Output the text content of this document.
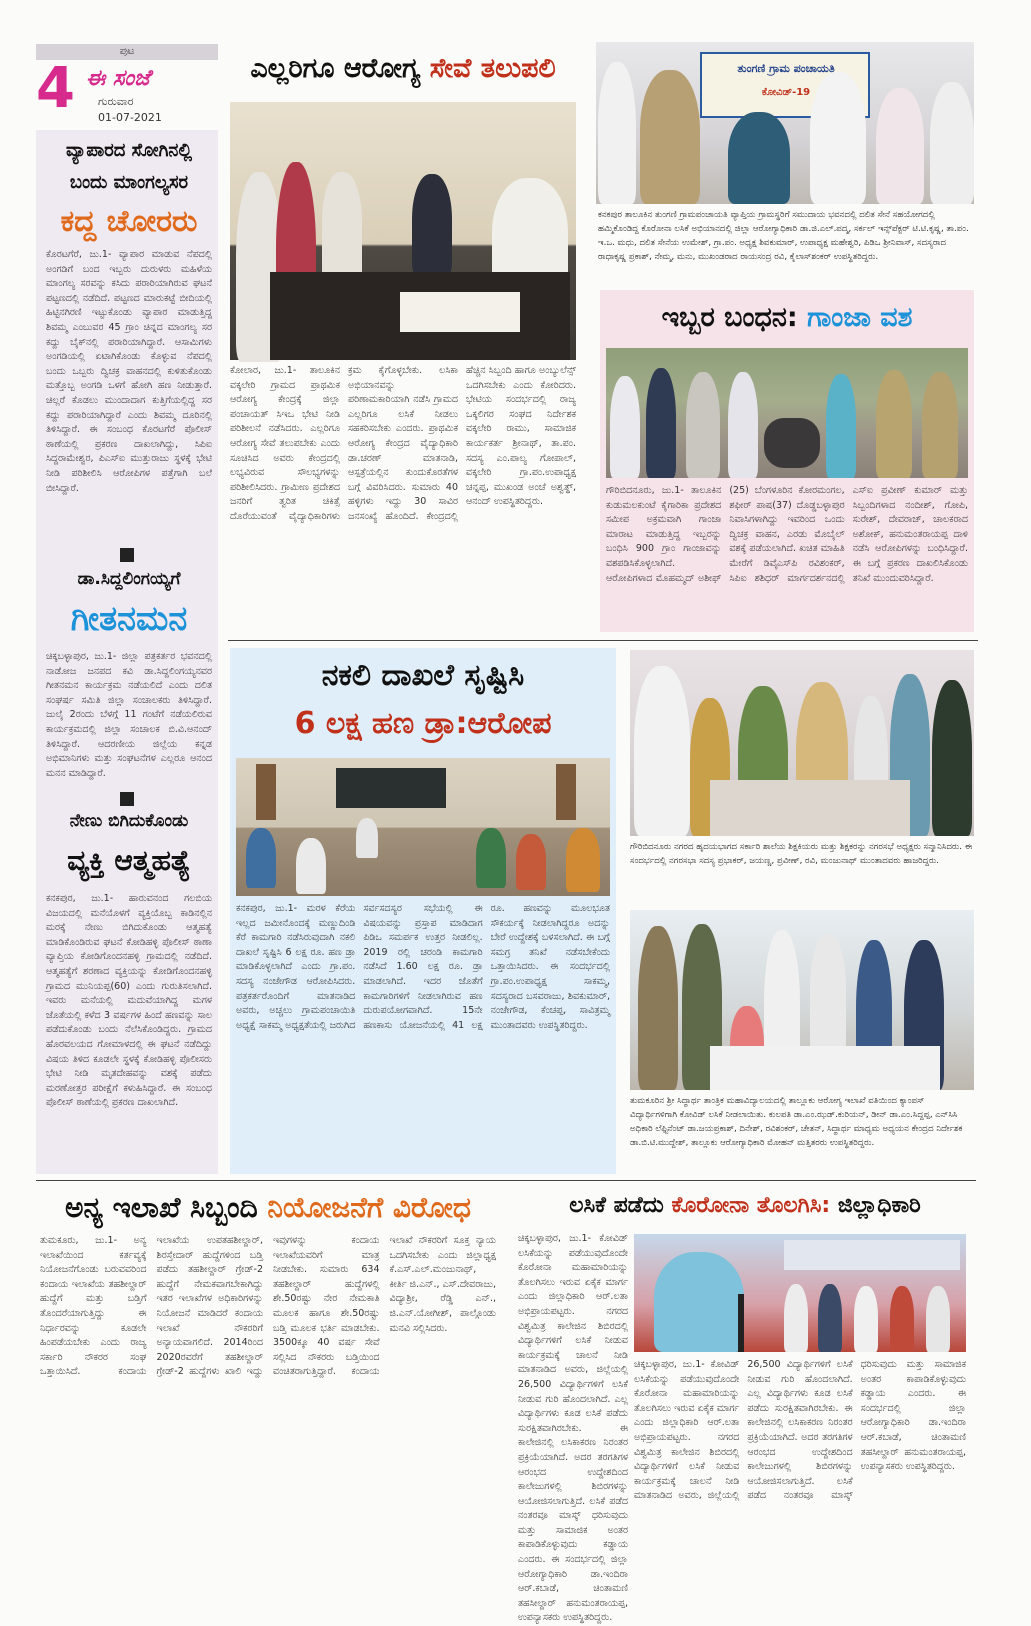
ಪುಟ
4 ಈ ಸಂಜೆ
ಗುರುವಾರ
01-07-2021
ವ್ಯಾಪಾರದ ಸೋಗಿನಲ್ಲಿ
ಬಂದು ಮಾಂಗಲ್ಯಸರ
ಕದ್ದ ಚೋರರು
ಕೊರಟಗೆರೆ, ಜು.1- ವ್ಯಾಪಾರ ಮಾಡುವ ನೆಪದಲ್ಲಿ ಅಂಗಡಿಗೆ ಬಂದ ಇಬ್ಬರು ದುರುಳರು ಮಹಿಳೆಯ ಮಾಂಗಲ್ಯ ಸರವನ್ನು ಕಸಿದು ಪರಾರಿಯಾಗಿರುವ ಘಟನೆ ಪಟ್ಟಣದಲ್ಲಿ ನಡೆದಿದೆ. ಪಟ್ಟಣದ ಮಾರುಕಟ್ಟೆ ಬೀದಿಯಲ್ಲಿ ಹಿಟ್ಟಿನಗಿರಣಿ ಇಟ್ಟುಕೊಂಡು ವ್ಯಾಪಾರ ಮಾಡುತ್ತಿದ್ದ ಶಿವಮ್ಮ ಎಂಬುವರ 45 ಗ್ರಾಂ ಚಿನ್ನದ ಮಾಂಗಲ್ಯ ಸರ ಕದ್ದು ಬೈಕ್‌ನಲ್ಲಿ ಪರಾರಿಯಾಗಿದ್ದಾರೆ. ಆಸಾಮಿಗಳು ಅಂಗಡಿಯಲ್ಲಿ ಏಟಾಗಿಕೊಂಡು ಕೊಳ್ಳುವ ನೆಪದಲ್ಲಿ ಬಂದು ಒಬ್ಬರು ದ್ವಿಚಕ್ರ ವಾಹನದಲ್ಲಿ ಕುಳಿತುಕೊಂಡು ಮತ್ತೊಬ್ಬ ಅಂಗಡಿ ಒಳಗೆ ಹೋಗಿ ಹಣ ನೀಡುತ್ತಾರೆ. ಚಿಲ್ಲರೆ ಕೊಡಲು ಮುಂದಾದಾಗ ಕುತ್ತಿಗೆಯಲ್ಲಿದ್ದ ಸರ ಕದ್ದು ಪರಾರಿಯಾಗಿದ್ದಾರೆ ಎಂದು ಶಿವಮ್ಮ ದೂರಿನಲ್ಲಿ ತಿಳಿಸಿದ್ದಾರೆ. ಈ ಸಂಬಂಧ ಕೊರಟಗೆರೆ ಪೊಲೀಸ್ ಠಾಣೆಯಲ್ಲಿ ಪ್ರಕರಣ ದಾಖಲಾಗಿದ್ದು, ಸಿಪಿಐ ಸಿದ್ದರಾಮೇಶ್ವರ, ಪಿಎಸ್‌ಐ ಮುತ್ತುರಾಜು ಸ್ಥಳಕ್ಕೆ ಭೇಟಿ ನೀಡಿ ಪರಿಶೀಲಿಸಿ ಆರೋಪಿಗಳ ಪತ್ತೆಗಾಗಿ ಬಲೆ ಬೀಸಿದ್ದಾರೆ.
ಡಾ.ಸಿದ್ದಲಿಂಗಯ್ಯಗೆ
ಗೀತನಮನ
ಚಿಕ್ಕಬಳ್ಳಾಪುರ, ಜು.1- ಜಿಲ್ಲಾ ಪತ್ರಕರ್ತರ ಭವನದಲ್ಲಿ ನಾಡೋಜ ಜನಪದ ಕವಿ ಡಾ.ಸಿದ್ದಲಿಂಗಯ್ಯನವರ ಗೀತನಮನ ಕಾರ್ಯಕ್ರಮ ನಡೆಯಲಿದೆ ಎಂದು ದಲಿತ ಸಂಘರ್ಷ ಸಮಿತಿ ಜಿಲ್ಲಾ ಸಂಚಾಲಕರು ತಿಳಿಸಿದ್ದಾರೆ. ಜುಲೈ 2ರಂದು ಬೆಳಗ್ಗೆ 11 ಗಂಟೆಗೆ ನಡೆಯಲಿರುವ ಕಾರ್ಯಕ್ರಮದಲ್ಲಿ ಜಿಲ್ಲಾ ಸಂಚಾಲಕ ಬಿ.ವಿ.ಆನಂದ್ ತಿಳಿಸಿದ್ದಾರೆ. ಆದರಣೀಯ ಜಿಲ್ಲೆಯ ಕನ್ನಡ ಅಭಿಮಾನಿಗಳು ಮತ್ತು ಸಂಘಟನೆಗಳ ಎಲ್ಲರೂ ಆನಂದ ಮನನ ಮಾಡಿದ್ದಾರೆ.
ನೇಣು ಬಿಗಿದುಕೊಂಡು
ವ್ಯಕ್ತಿ ಆತ್ಮಹತ್ಯೆ
ಕನಕಪುರ, ಜು.1- ಹಾರುವನಂದ ಗಲಬಿಯ ವಿಜಯದಲ್ಲಿ ಮನೆಯೊಳಗೆ ವ್ಯಕ್ತಿಯೊಬ್ಬ ಕಾಡಿನಲ್ಲಿನ ಮರಕ್ಕೆ ನೇಣು ಬಿಗಿದುಕೊಂಡು ಆತ್ಮಹತ್ಯೆ ಮಾಡಿಕೊಂಡಿರುವ ಘಟನೆ ಕೋಡಿಹಳ್ಳಿ ಪೊಲೀಸ್ ಠಾಣಾ ವ್ಯಾಪ್ತಿಯ ಕೋಡಿಗೊಂದನಹಳ್ಳಿ ಗ್ರಾಮದಲ್ಲಿ ನಡೆದಿದೆ. ಆತ್ಮಹತ್ಯೆಗೆ ಶರಣಾದ ವ್ಯಕ್ತಿಯನ್ನು ಕೋಡಿಗೊಂದನಹಳ್ಳಿ ಗ್ರಾಮದ ಮುನಿಯಪ್ಪ(60) ಎಂದು ಗುರುತಿಸಲಾಗಿದೆ. ಇವರು ಮನೆಯಲ್ಲಿ ಮದುವೆಯಾಗಿದ್ದ ಮಗಳ ಜೊತೆಯಲ್ಲಿ ಕಳೆದ 3 ವರ್ಷಗಳ ಹಿಂದೆ ಹಣವನ್ನು ಸಾಲ ಪಡೆದುಕೊಂಡು ಬಂದು ನೆಲೆಸಿಕೊಂಡಿದ್ದರು. ಗ್ರಾಮದ ಹೊರವಲಯದ ಗೋಮಾಳದಲ್ಲಿ ಈ ಘಟನೆ ನಡೆದಿದ್ದು ವಿಷಯ ತಿಳಿದ ಕೂಡಲೇ ಸ್ಥಳಕ್ಕೆ ಕೋಡಿಹಳ್ಳಿ ಪೊಲೀಸರು ಭೇಟಿ ನೀಡಿ ಮೃತದೇಹವನ್ನು ವಶಕ್ಕೆ ಪಡೆದು ಮರಣೋತ್ತರ ಪರೀಕ್ಷೆಗೆ ಕಳುಹಿಸಿದ್ದಾರೆ. ಈ ಸಂಬಂಧ ಪೊಲೀಸ್ ಠಾಣೆಯಲ್ಲಿ ಪ್ರಕರಣ ದಾಖಲಾಗಿದೆ.
ಎಲ್ಲರಿಗೂ ಆರೋಗ್ಯ ಸೇವೆ ತಲುಪಲಿ
ಕೋಲಾರ, ಜು.1- ತಾಲೂಕಿನ ವಕ್ಕಲೇರಿ ಗ್ರಾಮದ ಪ್ರಾಥಮಿಕ ಆರೋಗ್ಯ ಕೇಂದ್ರಕ್ಕೆ ಜಿಲ್ಲಾ ಪಂಚಾಯತ್ ಸಿಇಒ ಭೇಟಿ ನೀಡಿ ಪರಿಶೀಲನೆ ನಡೆಸಿದರು. ಎಲ್ಲರಿಗೂ ಆರೋಗ್ಯ ಸೇವೆ ತಲುಪಬೇಕು ಎಂದು ಸೂಚಿಸಿದ ಅವರು ಕೇಂದ್ರದಲ್ಲಿ ಲಭ್ಯವಿರುವ ಸೌಲಭ್ಯಗಳನ್ನು ಪರಿಶೀಲಿಸಿದರು. ಗ್ರಾಮೀಣ ಪ್ರದೇಶದ ಜನರಿಗೆ ತ್ವರಿತ ಚಿಕಿತ್ಸೆ ದೊರೆಯುವಂತೆ ವೈದ್ಯಾಧಿಕಾರಿಗಳು ಕ್ರಮ ಕೈಗೊಳ್ಳಬೇಕು. ಲಸಿಕಾ ಅಭಿಯಾನವನ್ನು ಪರಿಣಾಮಕಾರಿಯಾಗಿ ನಡೆಸಿ ಗ್ರಾಮದ ಎಲ್ಲರಿಗೂ ಲಸಿಕೆ ನೀಡಲು ಸಹಕರಿಸಬೇಕು ಎಂದರು. ಪ್ರಾಥಮಿಕ ಆರೋಗ್ಯ ಕೇಂದ್ರದ ವೈದ್ಯಾಧಿಕಾರಿ ಡಾ.ಚರಣ್ ಮಾತನಾಡಿ, ಆಸ್ಪತ್ರೆಯಲ್ಲಿನ ಕುಂದುಕೊರತೆಗಳ ಬಗ್ಗೆ ವಿವರಿಸಿದರು. ಸುಮಾರು 40 ಹಳ್ಳಿಗಳು ಇದ್ದು 30 ಸಾವಿರ ಜನಸಂಖ್ಯೆ ಹೊಂದಿದೆ. ಕೇಂದ್ರದಲ್ಲಿ ಹೆಚ್ಚಿನ ಸಿಬ್ಬಂದಿ ಹಾಗೂ ಅಂಬ್ಯುಲೆನ್ಸ್ ಒದಗಿಸಬೇಕು ಎಂದು ಕೋರಿದರು. ಭೇಟಿಯ ಸಂದರ್ಭದಲ್ಲಿ ರಾಜ್ಯ ಒಕ್ಕಲಿಗರ ಸಂಘದ ನಿರ್ದೇಶಕ ವಕ್ಕಲೇರಿ ರಾಮು, ಸಾಮಾಜಿಕ ಕಾರ್ಯಕರ್ತ ಶ್ರೀನಾಥ್, ತಾ.ಪಂ. ಸದಸ್ಯ ಎಂ.ಪಾಲ್ಯ ಗೋಪಾಲ್, ವಕ್ಕಲೇರಿ ಗ್ರಾ.ಪಂ.ಉಪಾಧ್ಯಕ್ಷ ಚನ್ನಪ್ಪ, ಮುಖಂಡ ಅಂಚೆ ಅಶ್ವತ್ಥ್, ಆನಂದ್ ಉಪಸ್ಥಿತರಿದ್ದರು.
ತುಂಗಣಿ ಗ್ರಾಮ ಪಂಚಾಯತಿ
ಕೋವಿಡ್-19
ಕನಕಪುರ ತಾಲೂಕಿನ ತುಂಗಣಿ ಗ್ರಾಮಪಂಚಾಯತಿ ವ್ಯಾಪ್ತಿಯ ಗ್ರಾಮಸ್ಥರಿಗೆ ಸಮುದಾಯ ಭವನದಲ್ಲಿ ದಲಿತ ಸೇನೆ ಸಹಯೋಗದಲ್ಲಿ ಹಮ್ಮಿಕೊಂಡಿದ್ದ ಕೊರೋನಾ ಲಸಿಕೆ ಅಭಿಯಾನದಲ್ಲಿ ಜಿಲ್ಲಾ ಆರೋಗ್ಯಾಧಿಕಾರಿ ಡಾ.ಜಿ.ಎಲ್.ಪದ್ಮ, ಸರ್ಕಲ್ ಇನ್ಸ್‌ಪೆಕ್ಟರ್ ಟಿ.ಟಿ.ಕೃಷ್ಣ, ತಾ.ಪಂ. ಇ.ಒ. ಮಧು, ದಲಿತ ಸೇನೆಯ ಉಮೇಶ್, ಗ್ರಾ.ಪಂ. ಅಧ್ಯಕ್ಷ ಶಿವಕುಮಾರ್, ಉಪಾಧ್ಯಕ್ಷ ಮಹೇಶ್ವರಿ, ಪಿಡಿಒ ಶ್ರೀನಿವಾಸ್, ಸದಸ್ಯರಾದ ರಾಧಾಕೃಷ್ಣ ಪ್ರಕಾಶ್, ನೇಮ್ಮ, ಮನು, ಮುಖಂಡರಾದ ರಾಯಸಂದ್ರ ರವಿ, ಕೈಲಾಸ್‌ಶಂಕರ್ ಉಪಸ್ಥಿತರಿದ್ದರು.
ಇಬ್ಬರ ಬಂಧನ: ಗಾಂಜಾ ವಶ
ಗೌರಿಬಿದನೂರು, ಜು.1- ತಾಲೂಕಿನ ಕುಡುಮಲಕುಂಟೆ ಕೈಗಾರಿಕಾ ಪ್ರದೇಶದ ಸಮೀಪ ಅಕ್ರಮವಾಗಿ ಗಾಂಜಾ ಮಾರಾಟ ಮಾಡುತ್ತಿದ್ದ ಇಬ್ಬರನ್ನು ಬಂಧಿಸಿ 900 ಗ್ರಾಂ ಗಾಂಜಾವನ್ನು ವಶಪಡಿಸಿಕೊಳ್ಳಲಾಗಿದೆ. ಆರೋಪಿಗಳಾದ ಮೊಹಮ್ಮದ್ ಅಶೀಫ್ (25) ಬೆಂಗಳೂರಿನ ಕೋರಮಂಗಲ, ಶಫೀರ್ ಪಾಷ(37) ದೊಡ್ಡಬಳ್ಳಾಪುರ ನಿವಾಸಿಗಳಾಗಿದ್ದು ಇವರಿಂದ ಒಂದು ದ್ವಿಚಕ್ರ ವಾಹನ, ಎರಡು ಮೊಬೈಲ್ ವಶಕ್ಕೆ ಪಡೆಯಲಾಗಿದೆ. ಖಚಿತ ಮಾಹಿತಿ ಮೇರೆಗೆ ಡಿವೈಎಸ್‌ಪಿ ರವಿಶಂಕರ್, ಸಿಪಿಐ ಶಶಿಧರ್ ಮಾರ್ಗದರ್ಶನದಲ್ಲಿ ಎಸ್‌ಐ ಪ್ರವೀಣ್ ಕುಮಾರ್ ಮತ್ತು ಸಿಬ್ಬಂದಿಗಳಾದ ನಂದೀಶ್, ಗೋಪಿ, ಸುರೇಶ್, ದೇವರಾಜ್, ಚಾಲಕರಾದ ಅಶೋಕ್, ಹನುಮಂತರಾಯಪ್ಪ ದಾಳಿ ನಡೆಸಿ ಆರೋಪಿಗಳನ್ನು ಬಂಧಿಸಿದ್ದಾರೆ. ಈ ಬಗ್ಗೆ ಪ್ರಕರಣ ದಾಖಲಿಸಿಕೊಂಡು ತನಿಖೆ ಮುಂದುವರಿಸಿದ್ದಾರೆ.
ನಕಲಿ ದಾಖಲೆ ಸೃಷ್ಟಿಸಿ
6 ಲಕ್ಷ ಹಣ ಡ್ರಾ:ಆರೋಪ
ಕನಕಪುರ, ಜು.1- ಮರಳ ಕೆರೆಯ ಇಲ್ಲದ ಜಮೀನೊಂದಕ್ಕೆ ಮಣ್ಣುದಿಂಡಿ ಕೆರೆ ಕಾಮಗಾರಿ ನಡೆಸಿರುವುದಾಗಿ ನಕಲಿ ದಾಖಲೆ ಸೃಷ್ಟಿಸಿ 6 ಲಕ್ಷ ರೂ. ಹಣ ಡ್ರಾ ಮಾಡಿಕೊಳ್ಳಲಾಗಿದೆ ಎಂದು ಗ್ರಾ.ಪಂ. ಸದಸ್ಯ ನಂಜೇಗೌಡ ಆರೋಪಿಸಿದರು. ಪತ್ರಕರ್ತರೊಂದಿಗೆ ಮಾತನಾಡಿದ ಅವರು, ಅಚ್ಚಲು ಗ್ರಾಮಪಂಚಾಯಿತಿ ಅಧ್ಯಕ್ಷೆ ಸಾಕಮ್ಮ ಅಧ್ಯಕ್ಷತೆಯಲ್ಲಿ ಜರುಗಿದ ಸರ್ವಸದಸ್ಯರ ಸಭೆಯಲ್ಲಿ ಈ ವಿಷಯವನ್ನು ಪ್ರಸ್ತಾಪ ಮಾಡಿದಾಗ ಪಿಡಿಒ ಸಮರ್ಪಕ ಉತ್ತರ ನೀಡಲಿಲ್ಲ. 2019 ರಲ್ಲಿ ಚರಂಡಿ ಕಾಮಗಾರಿ ನಡೆಸಿದೆ 1.60 ಲಕ್ಷ ರೂ. ಡ್ರಾ ಮಾಡಲಾಗಿದೆ. ಇದರ ಜೊತೆಗೆ ಕಾಮಗಾರಿಗಳಿಗೆ ನೀಡಲಾಗಿರುವ ಹಣ ದುರುಪಯೋಗವಾಗಿದೆ. 15ನೇ ಹಣಕಾಸು ಯೋಜನೆಯಲ್ಲಿ 41 ಲಕ್ಷ ರೂ. ಹಣವನ್ನು ಮೂಲಭೂತ ಸೌಕರ್ಯಕ್ಕೆ ನೀಡಲಾಗಿದ್ದರೂ ಅದನ್ನು ಬೇರೆ ಉದ್ದೇಶಕ್ಕೆ ಬಳಸಲಾಗಿದೆ. ಈ ಬಗ್ಗೆ ಸಮಗ್ರ ತನಿಖೆ ನಡೆಸಬೇಕೆಂದು ಒತ್ತಾಯಿಸಿದರು. ಈ ಸಂದರ್ಭದಲ್ಲಿ ಗ್ರಾ.ಪಂ.ಉಪಾಧ್ಯಕ್ಷ ಸಾಕಮ್ಮ, ಸದಸ್ಯರಾದ ಬಸವರಾಜು, ಶಿವಕುಮಾರ್, ನಂಜೇಗೌಡ, ಕೆಂಚಪ್ಪ, ಸಾವಿತ್ರಮ್ಮ ಮುಂತಾದವರು ಉಪಸ್ಥಿತರಿದ್ದರು.
ಗೌರಿಬಿದನೂರು ನಗರದ ಹೃದಯಭಾಗದ ಸರ್ಕಾರಿ ಶಾಲೆಯ ಶಿಕ್ಷಕಿಯರು ಮತ್ತು ಶಿಕ್ಷಕರನ್ನು ನಗರಸಭೆ ಅಧ್ಯಕ್ಷರು ಸನ್ಮಾನಿಸಿದರು. ಈ ಸಂದರ್ಭದಲ್ಲಿ ನಗರಸಭಾ ಸದಸ್ಯ ಪ್ರಭಾಕರ್, ಜಯಣ್ಣ, ಪ್ರವೀಣ್, ರವಿ, ಮಂಜುನಾಥ್ ಮುಂತಾದವರು ಹಾಜರಿದ್ದರು.
ತುಮಕೂರಿನ ಶ್ರೀ ಸಿದ್ಧಾರ್ಥ ತಾಂತ್ರಿಕ ಮಹಾವಿದ್ಯಾಲಯದಲ್ಲಿ ತಾಲ್ಲೂಕು ಆರೋಗ್ಯ ಇಲಾಖೆ ವತಿಯಿಂದ ಕ್ಯಾಂಪಸ್ ವಿದ್ಯಾರ್ಥಿಗಳಿಗಾಗಿ ಕೋವಿಡ್ ಲಸಿಕೆ ನೀಡಲಾಯಿತು. ಕುಲಪತಿ ಡಾ.ಎಂ.ಝಡ್.ಕುರಿಯನ್, ಡೀನ್ ಡಾ.ಎಂ.ಸಿದ್ದಪ್ಪ, ಎನ್‌ಸಿಸಿ ಅಧಿಕಾರಿ ಲೆಫ್ಟಿನೆಂಟ್ ಡಾ.ಜಯಪ್ರಕಾಶ್, ದಿನೇಶ್, ರವಿಶಂಕರ್, ಚೇತನ್, ಸಿದ್ಧಾರ್ಥ ಮಾಧ್ಯಮ ಅಧ್ಯಯನ ಕೇಂದ್ರದ ನಿರ್ದೇಶಕ ಡಾ.ಬಿ.ಟಿ.ಮುದ್ದೇಶ್, ತಾಲ್ಲೂಕು ಆರೋಗ್ಯಾಧಿಕಾರಿ ಮೋಹನ್ ಮತ್ತಿತರರು ಉಪಸ್ಥಿತರಿದ್ದರು.
ಅನ್ಯ ಇಲಾಖೆ ಸಿಬ್ಬಂದಿ ನಿಯೋಜನೆಗೆ ವಿರೋಧ
ತುಮಕೂರು, ಜು.1- ಅನ್ಯ ಇಲಾಖೆಯಿಂದ ಕರ್ತವ್ಯಕ್ಕೆ ನಿಯೋಜನೆಗೊಂಡು ಬರುವವರಿಂದ ಕಂದಾಯ ಇಲಾಖೆಯ ತಹಶೀಲ್ದಾರ್ ಹುದ್ದೆಗೆ ಮತ್ತು ಬಡ್ತಿಗೆ ತೊಂದರೆಯಾಗುತ್ತಿದ್ದು ಈ ನಿರ್ಧಾರವನ್ನು ಕೂಡಲೇ ಹಿಂಪಡೆಯಬೇಕು ಎಂದು ರಾಜ್ಯ ಸರ್ಕಾರಿ ನೌಕರರ ಸಂಘ ಒತ್ತಾಯಿಸಿದೆ. ಕಂದಾಯ ಇಲಾಖೆಯ ಉಪತಹಶೀಲ್ದಾರ್, ಶಿರಸ್ತೇದಾರ್ ಹುದ್ದೆಗಳಿಂದ ಬಡ್ತಿ ಪಡೆದು ತಹಶೀಲ್ದಾರ್ ಗ್ರೇಡ್-2 ಹುದ್ದೆಗೆ ನೇಮಕವಾಗಬೇಕಾಗಿದ್ದು ಇತರ ಇಲಾಖೆಗಳ ಅಧಿಕಾರಿಗಳನ್ನು ನಿಯೋಜನೆ ಮಾಡಿದರೆ ಕಂದಾಯ ಇಲಾಖೆ ನೌಕರರಿಗೆ ಅನ್ಯಾಯವಾಗಲಿದೆ. 2014ರಿಂದ 2020ರವರೆಗೆ ತಹಶೀಲ್ದಾರ್ ಗ್ರೇಡ್-2 ಹುದ್ದೆಗಳು ಖಾಲಿ ಇದ್ದು ಇವುಗಳನ್ನು ಕಂದಾಯ ಇಲಾಖೆಯವರಿಗೆ ಮಾತ್ರ ನೀಡಬೇಕು. ಸುಮಾರು 634 ತಹಶೀಲ್ದಾರ್ ಹುದ್ದೆಗಳಲ್ಲಿ ಶೇ.50ರಷ್ಟು ನೇರ ನೇಮಕಾತಿ ಮೂಲಕ ಹಾಗೂ ಶೇ.50ರಷ್ಟು ಬಡ್ತಿ ಮೂಲಕ ಭರ್ತಿ ಮಾಡಬೇಕು. 3500ಕ್ಕೂ 40 ವರ್ಷ ಸೇವೆ ಸಲ್ಲಿಸಿದ ನೌಕರರು ಬಡ್ತಿಯಿಂದ ವಂಚಿತರಾಗುತ್ತಿದ್ದಾರೆ. ಕಂದಾಯ ಇಲಾಖೆ ನೌಕರರಿಗೆ ಸೂಕ್ತ ನ್ಯಾಯ ಒದಗಿಸಬೇಕು ಎಂದು ಜಿಲ್ಲಾಧ್ಯಕ್ಷ ಕೆ.ಎಸ್.ಎಲ್.ಮಂಜುನಾಥ್, ಕೀರ್ತಿ ಜಿ.ಎನ್., ಎಸ್.ದೇವರಾಜು, ವಿದ್ಯಾಶ್ರೀ, ರೆಡ್ಡಿ ಎನ್., ಜಿ.ಎನ್.ಯೋಗೀಶ್, ಪಾಲ್ಗೊಂಡು ಮನವಿ ಸಲ್ಲಿಸಿದರು.
ಲಸಿಕೆ ಪಡೆದು ಕೊರೋನಾ ತೊಲಗಿಸಿ: ಜಿಲ್ಲಾಧಿಕಾರಿ
ಚಿಕ್ಕಬಳ್ಳಾಪುರ, ಜು.1- ಕೋವಿಡ್ ಲಸಿಕೆಯನ್ನು ಪಡೆಯುವುದೊಂದೇ ಕೊರೋನಾ ಮಹಾಮಾರಿಯನ್ನು ತೊಲಗಿಸಲು ಇರುವ ಏಕೈಕ ಮಾರ್ಗ ಎಂದು ಜಿಲ್ಲಾಧಿಕಾರಿ ಆರ್.ಲತಾ ಅಭಿಪ್ರಾಯಪಟ್ಟರು. ನಗರದ ವಿಶ್ವಮಿತ್ರ ಕಾಲೇಜಿನ ಶಿಬಿರದಲ್ಲಿ ವಿದ್ಯಾರ್ಥಿಗಳಿಗೆ ಲಸಿಕೆ ನೀಡುವ ಕಾರ್ಯಕ್ರಮಕ್ಕೆ ಚಾಲನೆ ನೀಡಿ ಮಾತನಾಡಿದ ಅವರು, ಜಿಲ್ಲೆಯಲ್ಲಿ 26,500 ವಿದ್ಯಾರ್ಥಿಗಳಿಗೆ ಲಸಿಕೆ ನೀಡುವ ಗುರಿ ಹೊಂದಲಾಗಿದೆ. ಎಲ್ಲ ವಿದ್ಯಾರ್ಥಿಗಳು ಕೂಡ ಲಸಿಕೆ ಪಡೆದು ಸುರಕ್ಷಿತವಾಗಿರಬೇಕು. ಈ ಕಾಲೇಜಿನಲ್ಲಿ ಲಸಿಕಾಕರಣ ನಿರಂತರ ಪ್ರಕ್ರಿಯೆಯಾಗಿದೆ. ಅದರ ತರಗತಿಗಳ ಆರಂಭದ ಉದ್ದೇಶದಿಂದ ಕಾಲೇಜುಗಳಲ್ಲಿ ಶಿಬಿರಗಳನ್ನು ಆಯೋಜಿಸಲಾಗುತ್ತಿದೆ. ಲಸಿಕೆ ಪಡೆದ ನಂತರವೂ ಮಾಸ್ಕ್ ಧರಿಸುವುದು ಮತ್ತು ಸಾಮಾಜಿಕ ಅಂತರ ಕಾಪಾಡಿಕೊಳ್ಳುವುದು ಕಡ್ಡಾಯ ಎಂದರು. ಈ ಸಂದರ್ಭದಲ್ಲಿ ಜಿಲ್ಲಾ ಆರೋಗ್ಯಾಧಿಕಾರಿ ಡಾ.ಇಂದಿರಾ ಆರ್.ಕಬಾಡೆ, ಚಿಂತಾಮಣಿ ತಹಸೀಲ್ದಾರ್ ಹನುಮಂತರಾಯಪ್ಪ, ಉಪನ್ಯಾಸಕರು ಉಪಸ್ಥಿತರಿದ್ದರು.
ಚಿಕ್ಕಬಳ್ಳಾಪುರ, ಜು.1- ಕೋವಿಡ್ ಲಸಿಕೆಯನ್ನು ಪಡೆಯುವುದೊಂದೇ ಕೊರೋನಾ ಮಹಾಮಾರಿಯನ್ನು ತೊಲಗಿಸಲು ಇರುವ ಏಕೈಕ ಮಾರ್ಗ ಎಂದು ಜಿಲ್ಲಾಧಿಕಾರಿ ಆರ್.ಲತಾ ಅಭಿಪ್ರಾಯಪಟ್ಟರು. ನಗರದ ವಿಶ್ವಮಿತ್ರ ಕಾಲೇಜಿನ ಶಿಬಿರದಲ್ಲಿ ವಿದ್ಯಾರ್ಥಿಗಳಿಗೆ ಲಸಿಕೆ ನೀಡುವ ಕಾರ್ಯಕ್ರಮಕ್ಕೆ ಚಾಲನೆ ನೀಡಿ ಮಾತನಾಡಿದ ಅವರು, ಜಿಲ್ಲೆಯಲ್ಲಿ 26,500 ವಿದ್ಯಾರ್ಥಿಗಳಿಗೆ ಲಸಿಕೆ ನೀಡುವ ಗುರಿ ಹೊಂದಲಾಗಿದೆ. ಎಲ್ಲ ವಿದ್ಯಾರ್ಥಿಗಳು ಕೂಡ ಲಸಿಕೆ ಪಡೆದು ಸುರಕ್ಷಿತವಾಗಿರಬೇಕು. ಈ ಕಾಲೇಜಿನಲ್ಲಿ ಲಸಿಕಾಕರಣ ನಿರಂತರ ಪ್ರಕ್ರಿಯೆಯಾಗಿದೆ. ಅದರ ತರಗತಿಗಳ ಆರಂಭದ ಉದ್ದೇಶದಿಂದ ಕಾಲೇಜುಗಳಲ್ಲಿ ಶಿಬಿರಗಳನ್ನು ಆಯೋಜಿಸಲಾಗುತ್ತಿದೆ. ಲಸಿಕೆ ಪಡೆದ ನಂತರವೂ ಮಾಸ್ಕ್ ಧರಿಸುವುದು ಮತ್ತು ಸಾಮಾಜಿಕ ಅಂತರ ಕಾಪಾಡಿಕೊಳ್ಳುವುದು ಕಡ್ಡಾಯ ಎಂದರು. ಈ ಸಂದರ್ಭದಲ್ಲಿ ಜಿಲ್ಲಾ ಆರೋಗ್ಯಾಧಿಕಾರಿ ಡಾ.ಇಂದಿರಾ ಆರ್.ಕಬಾಡೆ, ಚಿಂತಾಮಣಿ ತಹಸೀಲ್ದಾರ್ ಹನುಮಂತರಾಯಪ್ಪ, ಉಪನ್ಯಾಸಕರು ಉಪಸ್ಥಿತರಿದ್ದರು.
